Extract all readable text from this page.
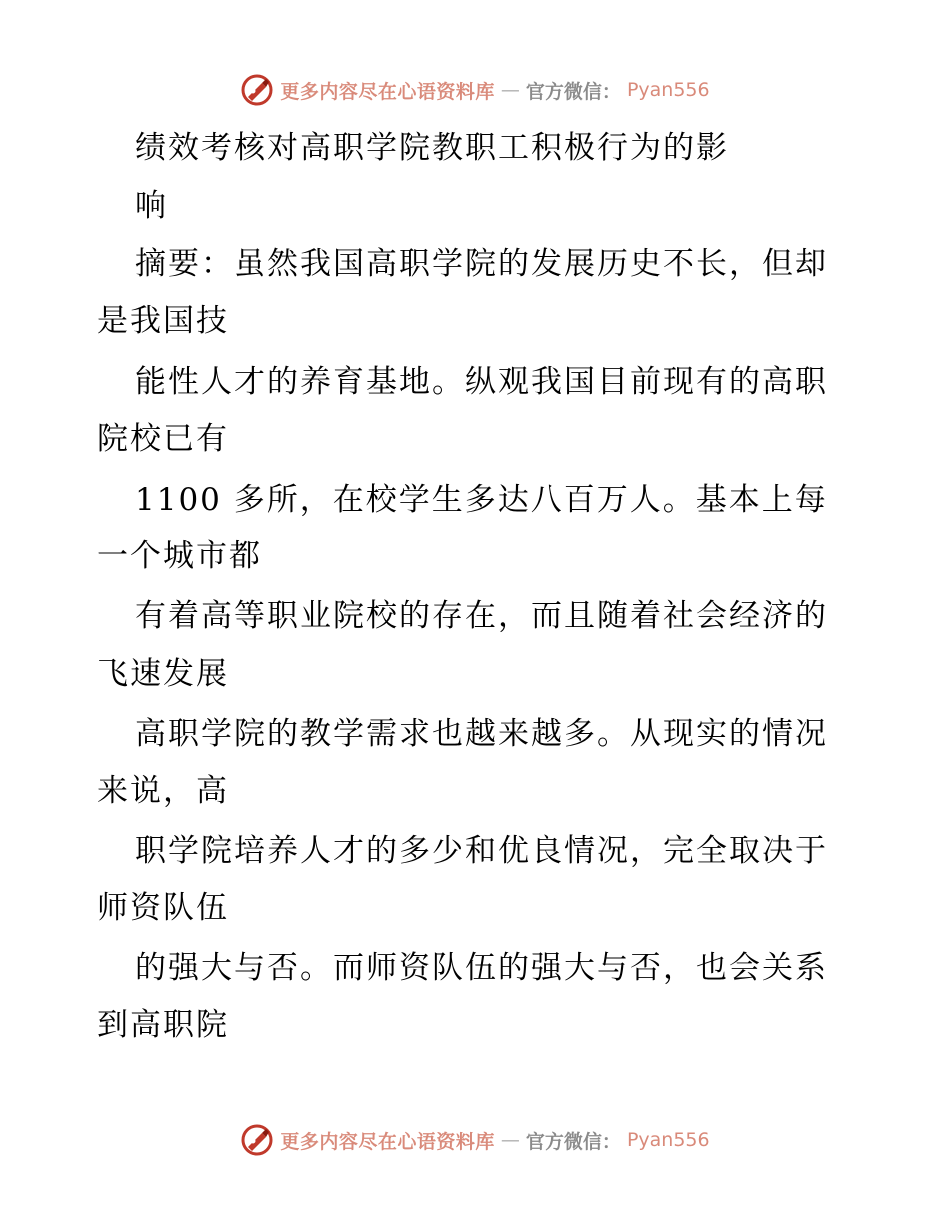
更多内容尽在心语资料库 — 官方微信： Pyan556
绩效考核对高职学院教职工积极行为的影
响
摘要：虽然我国高职学院的发展历史不长，但却
是我国技
能性人才的养育基地。纵观我国目前现有的高职
院校已有
1100 多所，在校学生多达八百万人。基本上每
一个城市都
有着高等职业院校的存在，而且随着社会经济的
飞速发展
高职学院的教学需求也越来越多。从现实的情况
来说，高
职学院培养人才的多少和优良情况，完全取决于
师资队伍
的强大与否。而师资队伍的强大与否，也会关系
到高职院
更多内容尽在心语资料库 — 官方微信： Pyan556
